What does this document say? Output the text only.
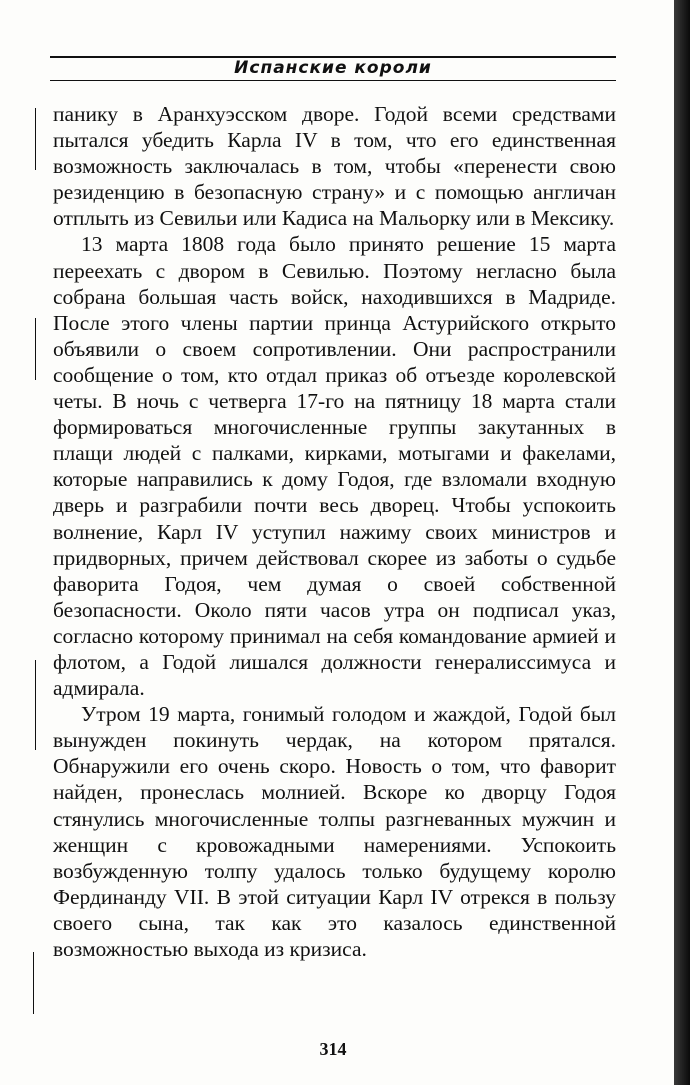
Испанские короли

панику в Аранхуэсском дворе. Годой всеми средствами пытался убедить Карла IV в том, что его единственная возможность заключалась в том, чтобы «перенести свою резиденцию в безопасную страну» и с помощью англичан отплыть из Севильи или Кадиса на Мальорку или в Мексику.

13 марта 1808 года было принято решение 15 марта переехать с двором в Севилью. Поэтому негласно была собрана большая часть войск, находившихся в Мадриде. После этого члены партии принца Астурийского открыто объявили о своем сопротивлении. Они распространили сообщение о том, кто отдал приказ об отъезде королевской четы. В ночь с четверга 17-го на пятницу 18 марта стали формироваться многочисленные группы закутанных в плащи людей с палками, кирками, мотыгами и факелами, которые направились к дому Годоя, где взломали входную дверь и разграбили почти весь дворец. Чтобы успокоить волнение, Карл IV уступил нажиму своих министров и придворных, причем действовал скорее из заботы о судьбе фаворита Годоя, чем думая о своей собственной безопасности. Около пяти часов утра он подписал указ, согласно которому принимал на себя командование армией и флотом, а Годой лишался должности генералиссимуса и адмирала.

Утром 19 марта, гонимый голодом и жаждой, Годой был вынужден покинуть чердак, на котором прятался. Обнаружили его очень скоро. Новость о том, что фаворит найден, пронеслась молнией. Вскоре ко дворцу Годоя стянулись многочисленные толпы разгневанных мужчин и женщин с кровожадными намерениями. Успокоить возбужденную толпу удалось только будущему королю Фердинанду VII. В этой ситуации Карл IV отрекся в пользу своего сына, так как это казалось единственной возможностью выхода из кризиса.

314
